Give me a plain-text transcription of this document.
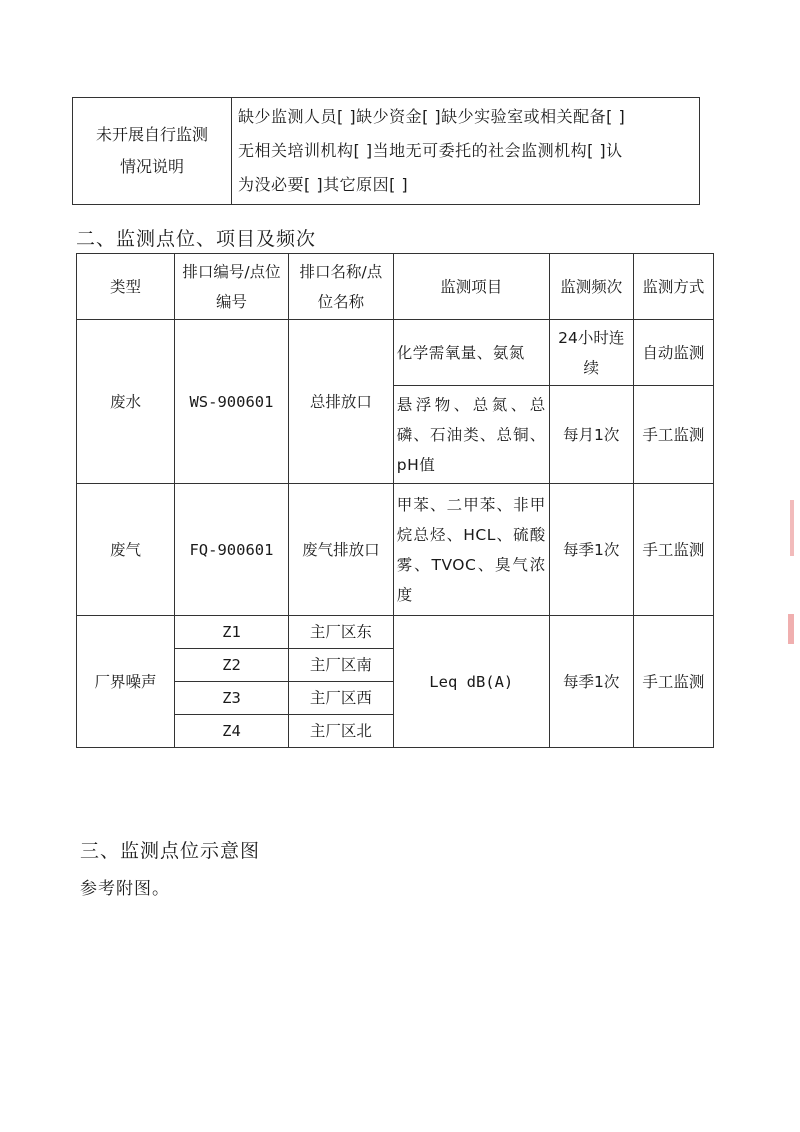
未开展自行监测情况说明	
缺少监测人员[ ]缺少资金[ ]缺少实验室或相关配备[ ]
无相关培训机构[ ]当地无可委托的社会监测机构[ ]认
为没必要[ ]其它原因[ ]
二、监测点位、项目及频次
类型	排口编号/点位编号	排口名称/点位名称	监测项目	监测频次	监测方式
废水	WS-900601	总排放口	化学需氧量、氨氮	24小时连续	自动监测
			悬浮物、总氮、总磷、石油类、总铜、pH值	每月1次	手工监测
废气	FQ-900601	废气排放口	甲苯、二甲苯、非甲烷总烃、HCL、硫酸雾、TVOC、臭气浓度	每季1次	手工监测
厂界噪声	Z1	主厂区东	Leq dB(A)	每季1次	手工监测
	Z2	主厂区南			
	Z3	主厂区西			
	Z4	主厂区北			
三、监测点位示意图
参考附图。
